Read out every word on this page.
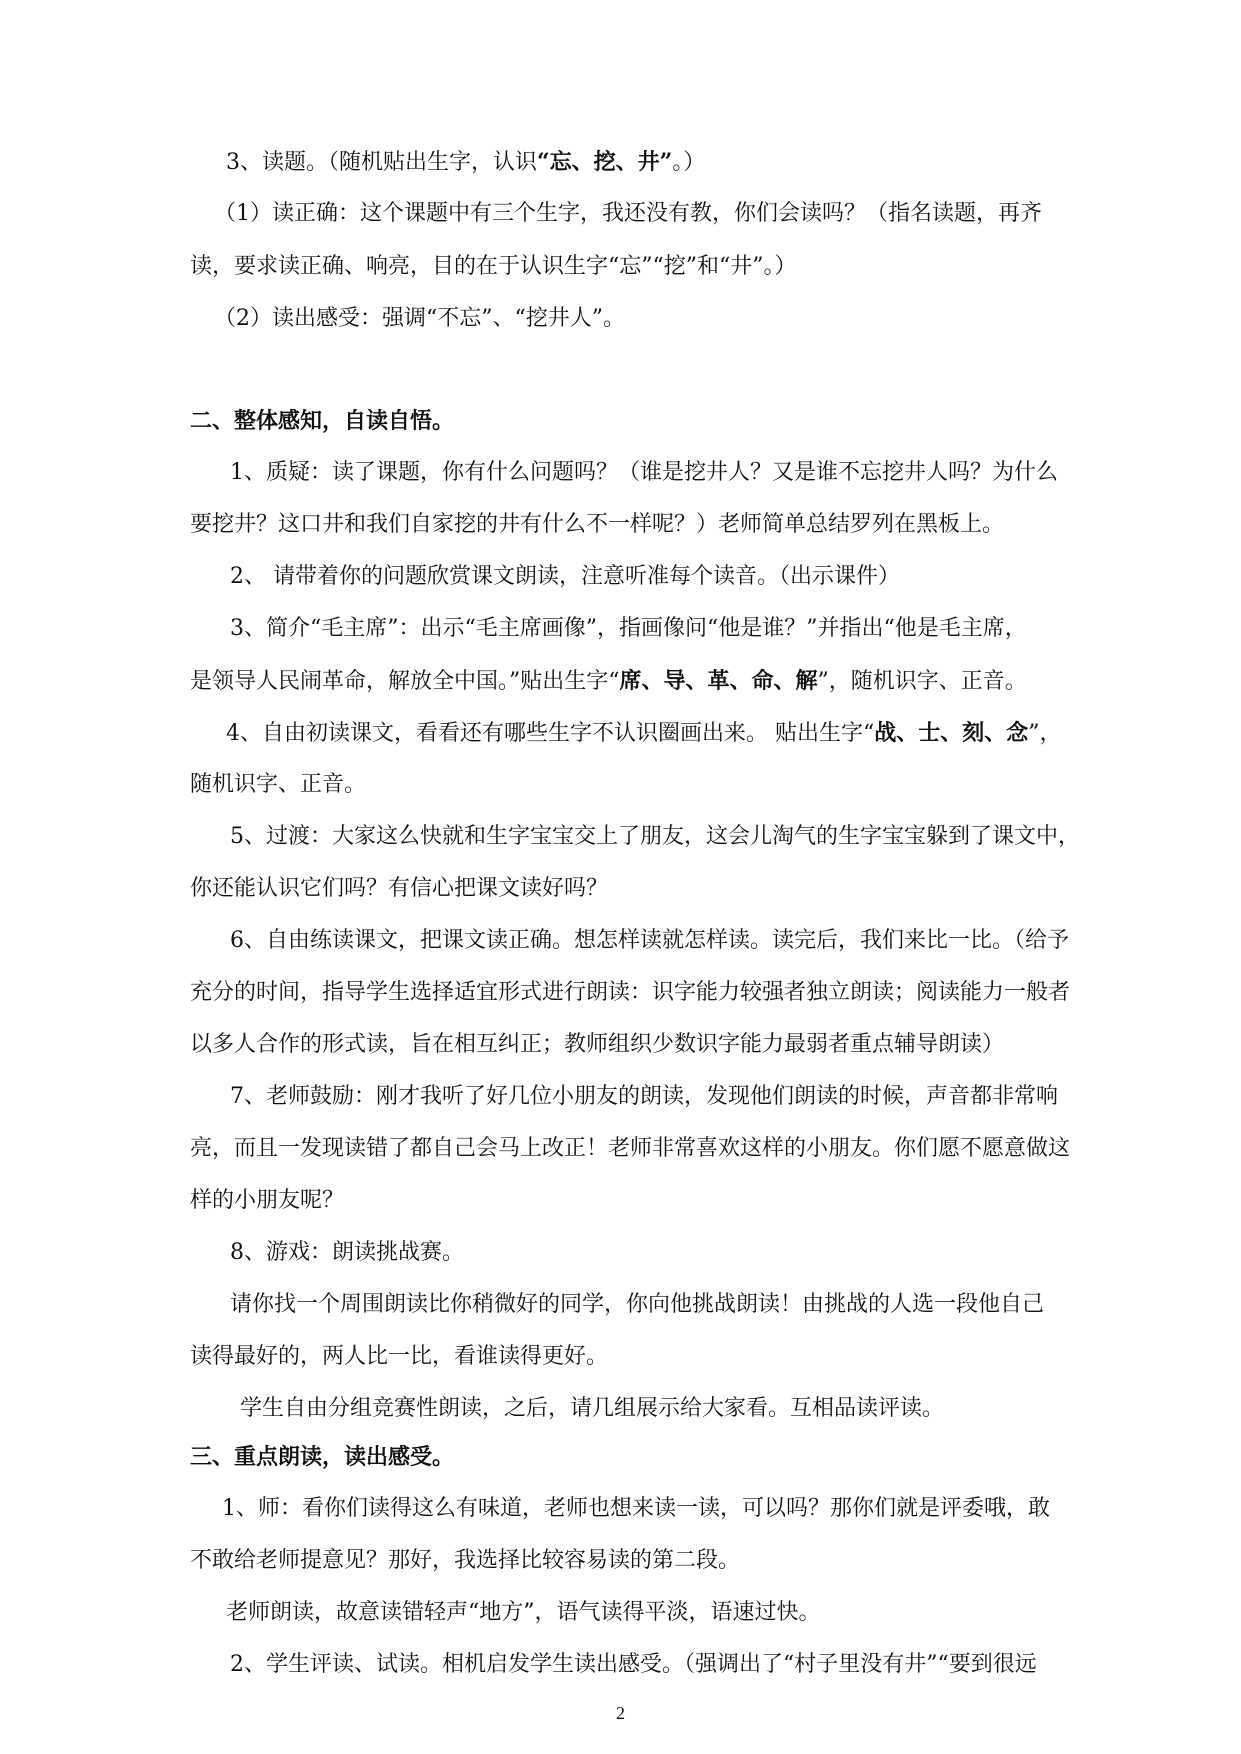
3、读题。（随机贴出生字，认识“忘、挖、井”。）
（1）读正确：这个课题中有三个生字，我还没有教，你们会读吗？（指名读题，再齐
读，要求读正确、响亮，目的在于认识生字“忘”“挖”和“井”。）
（2）读出感受：强调“不忘”、“挖井人”。
二、整体感知，自读自悟。
1、质疑：读了课题，你有什么问题吗？（谁是挖井人？又是谁不忘挖井人吗？为什么
要挖井？这口井和我们自家挖的井有什么不一样呢？）老师简单总结罗列在黑板上。
2、 请带着你的问题欣赏课文朗读，注意听准每个读音。（出示课件）
3、简介“毛主席”：出示“毛主席画像”，指画像问“他是谁？”并指出“他是毛主席，
是领导人民闹革命，解放全中国。”贴出生字“席、导、革、命、解”，随机识字、正音。
4、自由初读课文，看看还有哪些生字不认识圈画出来。 贴出生字“战、士、刻、念”，
随机识字、正音。
5、过渡：大家这么快就和生字宝宝交上了朋友，这会儿淘气的生字宝宝躲到了课文中，
你还能认识它们吗？有信心把课文读好吗？
6、自由练读课文，把课文读正确。想怎样读就怎样读。读完后，我们来比一比。（给予
充分的时间，指导学生选择适宜形式进行朗读：识字能力较强者独立朗读；阅读能力一般者
以多人合作的形式读，旨在相互纠正；教师组织少数识字能力最弱者重点辅导朗读）
7、老师鼓励：刚才我听了好几位小朋友的朗读，发现他们朗读的时候，声音都非常响
亮，而且一发现读错了都自己会马上改正！老师非常喜欢这样的小朋友。你们愿不愿意做这
样的小朋友呢？
8、游戏：朗读挑战赛。
请你找一个周围朗读比你稍微好的同学，你向他挑战朗读！由挑战的人选一段他自己
读得最好的，两人比一比，看谁读得更好。
学生自由分组竞赛性朗读，之后，请几组展示给大家看。互相品读评读。
三、重点朗读，读出感受。
1、师：看你们读得这么有味道，老师也想来读一读，可以吗？那你们就是评委哦，敢
不敢给老师提意见？那好，我选择比较容易读的第二段。
老师朗读，故意读错轻声“地方”，语气读得平淡，语速过快。
2、学生评读、试读。相机启发学生读出感受。（强调出了“村子里没有井”“要到很远
2
